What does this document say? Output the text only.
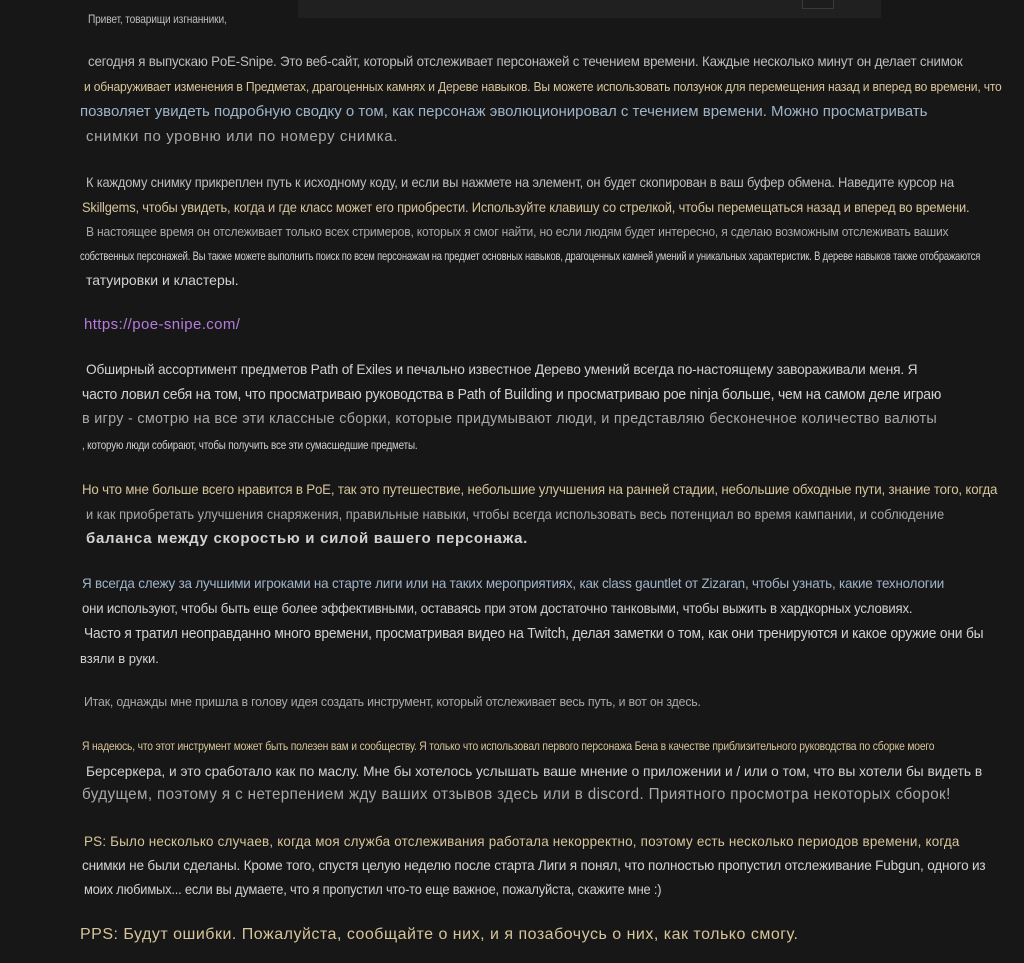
Привет, товарищи изгнанники,

сегодня я выпускаю PoE-Snipe. Это веб-сайт, который отслеживает персонажей с течением времени. Каждые несколько минут он делает снимок

и обнаруживает изменения в Предметах, драгоценных камнях и Дереве навыков. Вы можете использовать ползунок для перемещения назад и вперед во времени, что

позволяет увидеть подробную сводку о том, как персонаж эволюционировал с течением времени. Можно просматривать

снимки по уровню или по номеру снимка.

К каждому снимку прикреплен путь к исходному коду, и если вы нажмете на элемент, он будет скопирован в ваш буфер обмена. Наведите курсор на

Skillgems, чтобы увидеть, когда и где класс может его приобрести. Используйте клавишу со стрелкой, чтобы перемещаться назад и вперед во времени.

В настоящее время он отслеживает только всех стримеров, которых я смог найти, но если людям будет интересно, я сделаю возможным отслеживать ваших

собственных персонажей. Вы также можете выполнить поиск по всем персонажам на предмет основных навыков, драгоценных камней умений и уникальных характеристик. В дереве навыков также отображаются

татуировки и кластеры.

https://poe-snipe.com/

Обширный ассортимент предметов Path of Exiles и печально известное Дерево умений всегда по-настоящему завораживали меня. Я

часто ловил себя на том, что просматриваю руководства в Path of Building и просматриваю poe ninja больше, чем на самом деле играю

в игру - смотрю на все эти классные сборки, которые придумывают люди, и представляю бесконечное количество валюты

, которую люди собирают, чтобы получить все эти сумасшедшие предметы.

Но что мне больше всего нравится в PoE, так это путешествие, небольшие улучшения на ранней стадии, небольшие обходные пути, знание того, когда

и как приобретать улучшения снаряжения, правильные навыки, чтобы всегда использовать весь потенциал во время кампании, и соблюдение

баланса между скоростью и силой вашего персонажа.

Я всегда слежу за лучшими игроками на старте лиги или на таких мероприятиях, как class gauntlet от Zizaran, чтобы узнать, какие технологии

они используют, чтобы быть еще более эффективными, оставаясь при этом достаточно танковыми, чтобы выжить в хардкорных условиях.

Часто я тратил неоправданно много времени, просматривая видео на Twitch, делая заметки о том, как они тренируются и какое оружие они бы

взяли в руки.

Итак, однажды мне пришла в голову идея создать инструмент, который отслеживает весь путь, и вот он здесь.

Я надеюсь, что этот инструмент может быть полезен вам и сообществу. Я только что использовал первого персонажа Бена в качестве приблизительного руководства по сборке моего

Берсеркера, и это сработало как по маслу. Мне бы хотелось услышать ваше мнение о приложении и / или о том, что вы хотели бы видеть в

будущем, поэтому я с нетерпением жду ваших отзывов здесь или в discord. Приятного просмотра некоторых сборок!

PS: Было несколько случаев, когда моя служба отслеживания работала некорректно, поэтому есть несколько периодов времени, когда

снимки не были сделаны. Кроме того, спустя целую неделю после старта Лиги я понял, что полностью пропустил отслеживание Fubgun, одного из

моих любимых... если вы думаете, что я пропустил что-то еще важное, пожалуйста, скажите мне :)

PPS: Будут ошибки. Пожалуйста, сообщайте о них, и я позабочусь о них, как только смогу.
